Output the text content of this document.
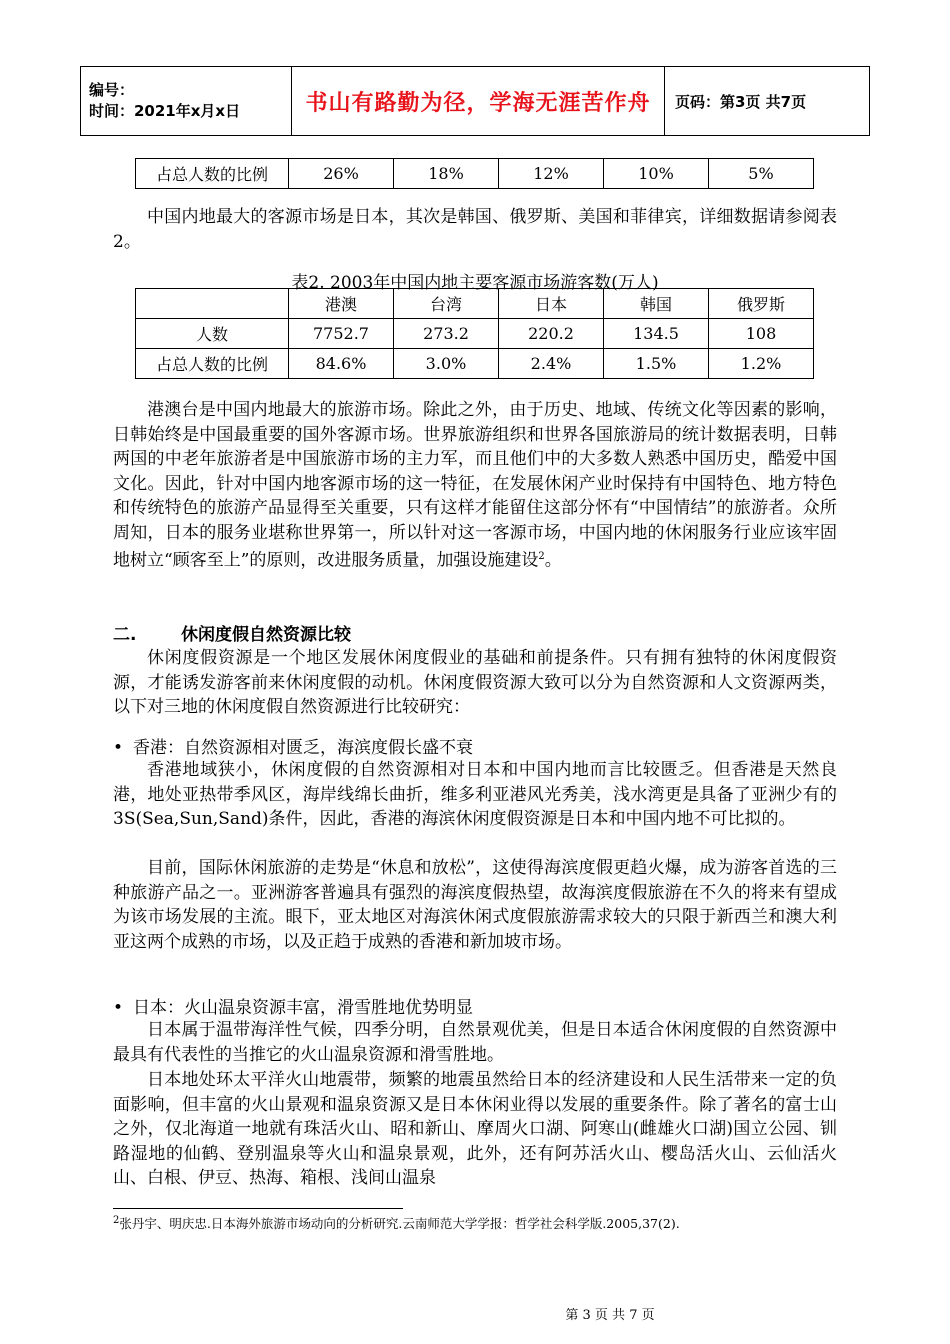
编号：
时间：2021年x月x日	书山有路勤为径，学海无涯苦作舟	页码：第3页 共7页
占总人数的比例	26%	18%	12%	10%	5%

中国内地最大的客源市场是日本，其次是韩国、俄罗斯、美国和菲律宾，详细数据请参阅表2。

表2. 2003年中国内地主要客源市场游客数(万人)
	港澳	台湾	日本	韩国	俄罗斯
人数	7752.7	273.2	220.2	134.5	108
占总人数的比例	84.6%	3.0%	2.4%	1.5%	1.2%

港澳台是中国内地最大的旅游市场。除此之外，由于历史、地域、传统文化等因素的影响，日韩始终是中国最重要的国外客源市场。世界旅游组织和世界各国旅游局的统计数据表明，日韩两国的中老年旅游者是中国旅游市场的主力军，而且他们中的大多数人熟悉中国历史，酷爱中国文化。因此，针对中国内地客源市场的这一特征，在发展休闲产业时保持有中国特色、地方特色和传统特色的旅游产品显得至关重要，只有这样才能留住这部分怀有“中国情结”的旅游者。众所周知，日本的服务业堪称世界第一，所以针对这一客源市场，中国内地的休闲服务行业应该牢固地树立“顾客至上”的原则，改进服务质量，加强设施建设$^2$。

二.	休闲度假自然资源比较

休闲度假资源是一个地区发展休闲度假业的基础和前提条件。只有拥有独特的休闲度假资源，才能诱发游客前来休闲度假的动机。休闲度假资源大致可以分为自然资源和人文资源两类，以下对三地的休闲度假自然资源进行比较研究：

• 香港：自然资源相对匮乏，海滨度假长盛不衰

香港地域狭小，休闲度假的自然资源相对日本和中国内地而言比较匮乏。但香港是天然良港，地处亚热带季风区，海岸线绵长曲折，维多利亚港风光秀美，浅水湾更是具备了亚洲少有的3S(Sea,Sun,Sand)条件，因此，香港的海滨休闲度假资源是日本和中国内地不可比拟的。

目前，国际休闲旅游的走势是“休息和放松”，这使得海滨度假更趋火爆，成为游客首选的三种旅游产品之一。亚洲游客普遍具有强烈的海滨度假热望，故海滨度假旅游在不久的将来有望成为该市场发展的主流。眼下，亚太地区对海滨休闲式度假旅游需求较大的只限于新西兰和澳大利亚这两个成熟的市场，以及正趋于成熟的香港和新加坡市场。

• 日本：火山温泉资源丰富，滑雪胜地优势明显

日本属于温带海洋性气候，四季分明，自然景观优美，但是日本适合休闲度假的自然资源中最具有代表性的当推它的火山温泉资源和滑雪胜地。

日本地处环太平洋火山地震带，频繁的地震虽然给日本的经济建设和人民生活带来一定的负面影响，但丰富的火山景观和温泉资源又是日本休闲业得以发展的重要条件。除了著名的富士山之外，仅北海道一地就有珠活火山、昭和新山、摩周火口湖、阿寒山(雌雄火口湖)国立公园、钏路湿地的仙鹤、登别温泉等火山和温泉景观，此外，还有阿苏活火山、樱岛活火山、云仙活火山、白根、伊豆、热海、箱根、浅间山温泉

$^2$张丹宇、明庆忠.日本海外旅游市场动向的分析研究.云南师范大学学报：哲学社会科学版.2005,37(2).
第 3 页 共 7 页
